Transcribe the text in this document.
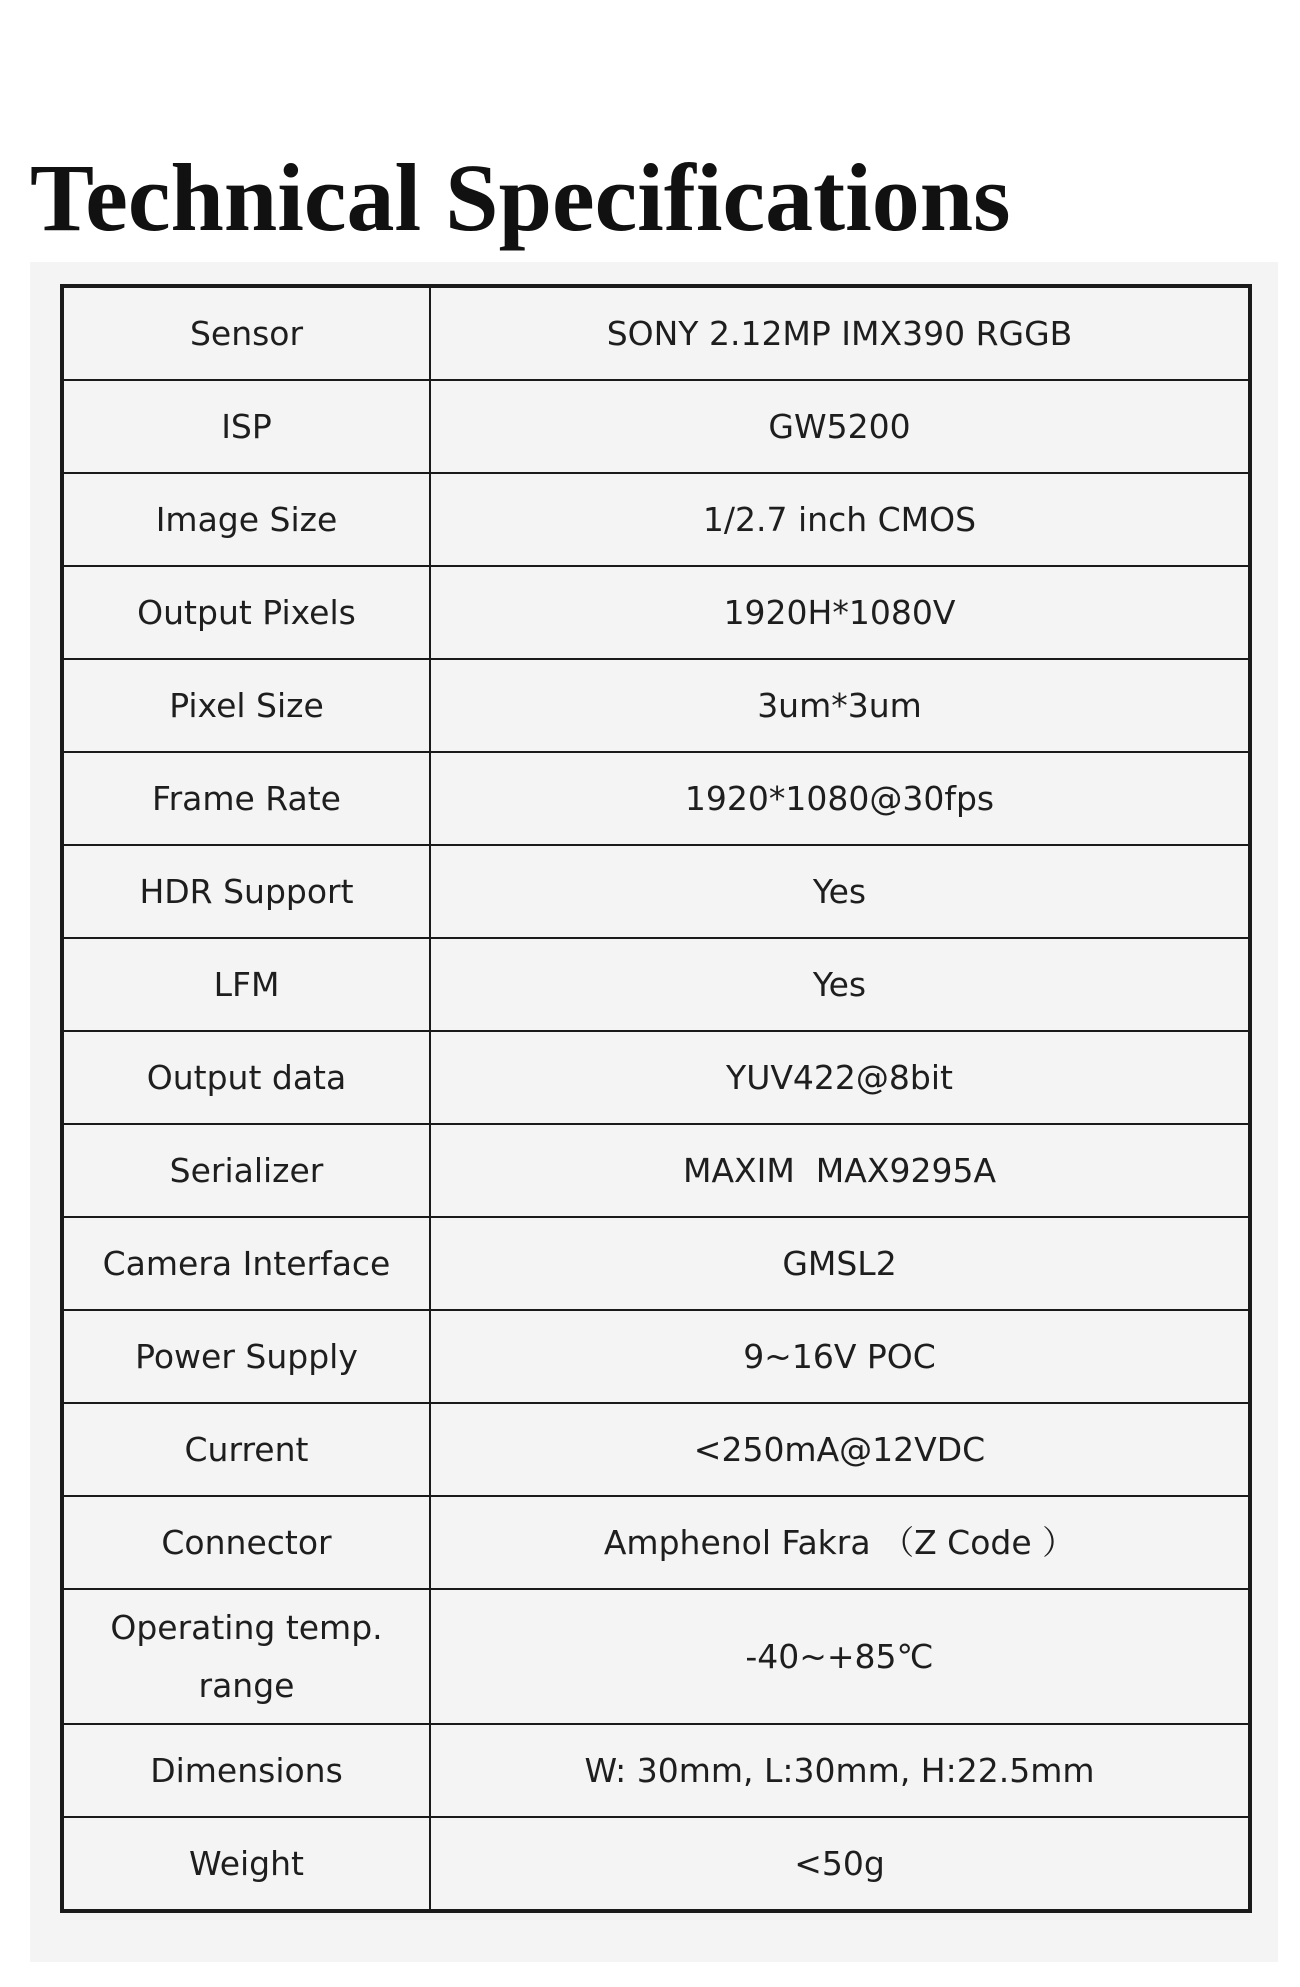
Technical Specifications
Sensor	SONY 2.12MP IMX390 RGGB
ISP	GW5200
Image Size	1/2.7 inch CMOS
Output Pixels	1920H*1080V
Pixel Size	3um*3um
Frame Rate	1920*1080@30fps
HDR Support	Yes
LFM	Yes
Output data	YUV422@8bit
Serializer	MAXIM  MAX9295A
Camera Interface	GMSL2
Power Supply	9~16V POC
Current	<250mA@12VDC
Connector	Amphenol Fakra （Z Code ）
Operating temp. range	-40~+85℃
Dimensions	W: 30mm, L:30mm, H:22.5mm
Weight	<50g
